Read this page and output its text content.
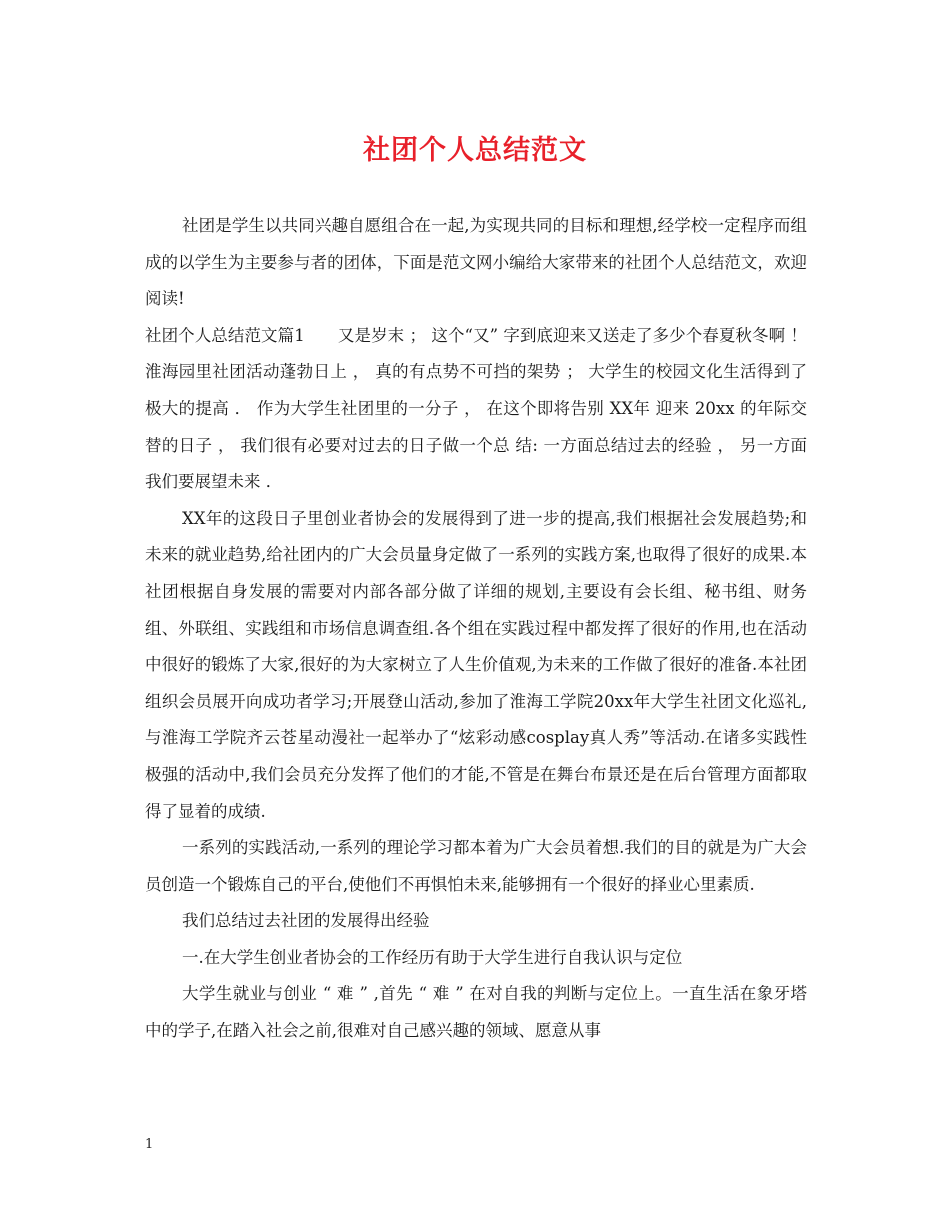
社团个人总结范文

社团是学生以共同兴趣自愿组合在一起,为实现共同的目标和理想,经学校一定程序而组成的以学生为主要参与者的团体，下面是范文网小编给大家带来的社团个人总结范文，欢迎阅读!

社团个人总结范文篇1　　又是岁末 ； 这个“又” 字到底迎来又送走了多少个春夏秋冬啊 ！ 淮海园里社团活动蓬勃日上 ， 真的有点势不可挡的架势 ； 大学生的校园文化生活得到了极大的提高 ． 作为大学生社团里的一分子 ， 在这个即将告别 XX年 迎来 20xx 的年际交替的日子 ， 我们很有必要对过去的日子做一个总 结: 一方面总结过去的经验 ， 另一方面我们要展望未来 ．

XX年的这段日子里创业者协会的发展得到了进一步的提高,我们根据社会发展趋势;和未来的就业趋势,给社团内的广大会员量身定做了一系列的实践方案,也取得了很好的成果.本社团根据自身发展的需要对内部各部分做了详细的规划,主要设有会长组、秘书组、财务组、外联组、实践组和市场信息调查组.各个组在实践过程中都发挥了很好的作用,也在活动中很好的锻炼了大家,很好的为大家树立了人生价值观,为未来的工作做了很好的准备.本社团组织会员展开向成功者学习;开展登山活动,参加了淮海工学院20xx年大学生社团文化巡礼,与淮海工学院齐云苍星动漫社一起举办了“炫彩动感cosplay真人秀”等活动.在诸多实践性极强的活动中,我们会员充分发挥了他们的才能,不管是在舞台布景还是在后台管理方面都取得了显着的成绩.

一系列的实践活动,一系列的理论学习都本着为广大会员着想.我们的目的就是为广大会员创造一个锻炼自己的平台,使他们不再惧怕未来,能够拥有一个很好的择业心里素质.

我们总结过去社团的发展得出经验

一.在大学生创业者协会的工作经历有助于大学生进行自我认识与定位

大学生就业与创业 “ 难 ” ,首先 “ 难 ” 在对自我的判断与定位上。一直生活在象牙塔中的学子,在踏入社会之前,很难对自己感兴趣的领域、愿意从事

1
